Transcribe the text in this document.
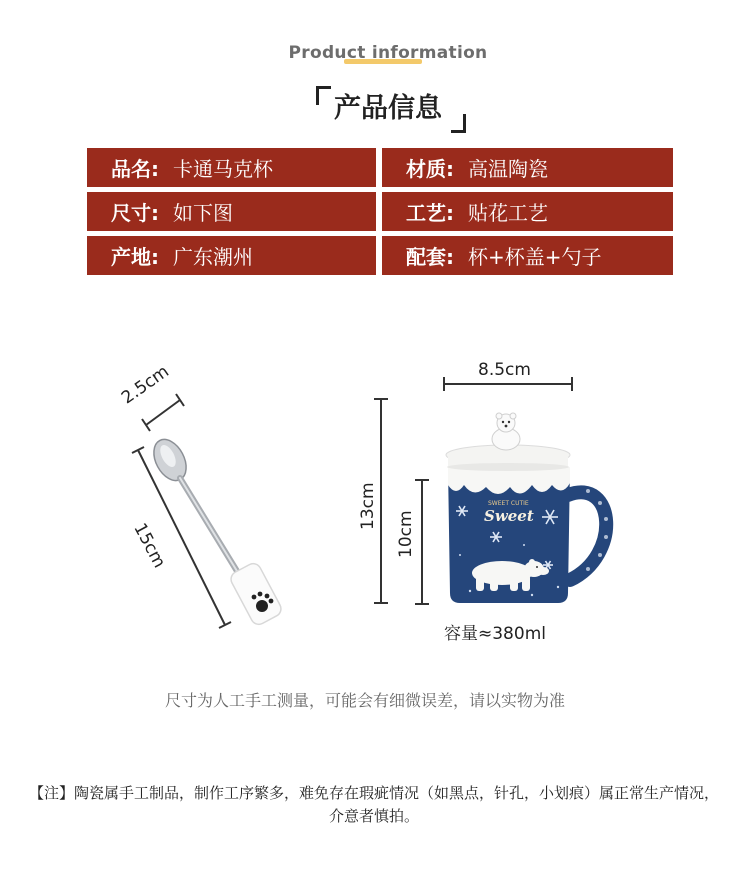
Product information
产品信息
品名: 卡通马克杯	材质: 高温陶瓷
尺寸: 如下图	工艺: 贴花工艺
产地: 广东潮州	配套: 杯+杯盖+勺子
2.5cm
15cm
8.5cm
13cm
10cm
SWEET CUTIE
Sweet
容量≈380ml
尺寸为人工手工测量，可能会有细微误差，请以实物为准
【注】陶瓷属手工制品，制作工序繁多，难免存在瑕疵情况（如黑点，针孔，小划痕）属正常生产情况，介意者慎拍。
